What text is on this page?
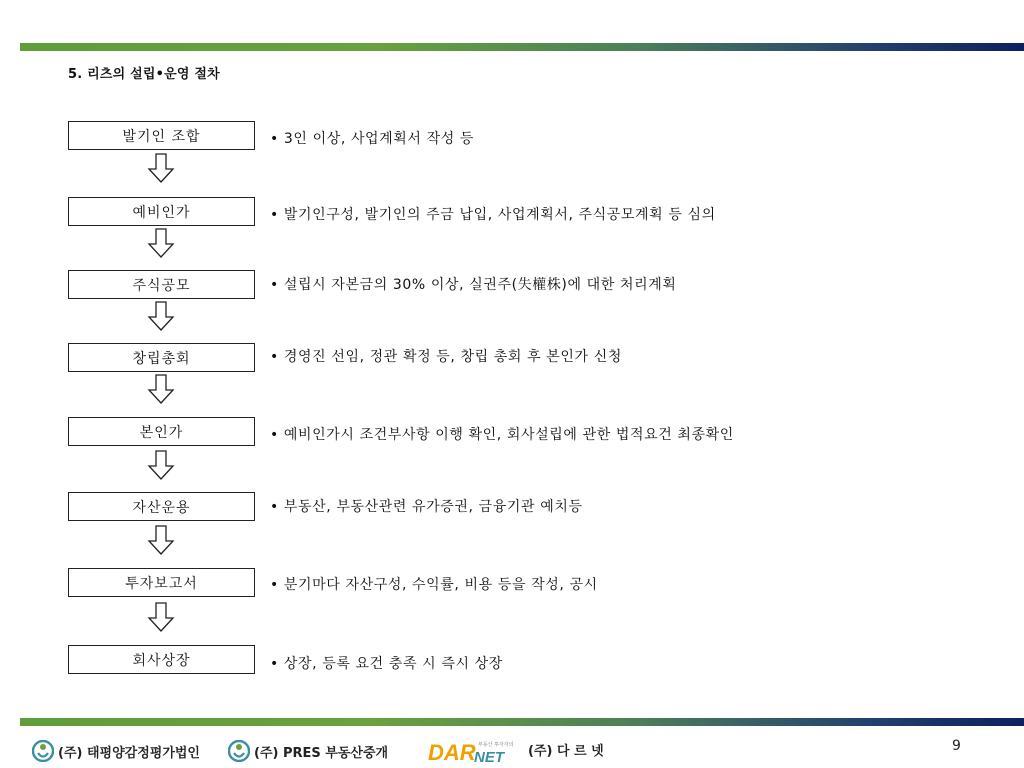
5. 리츠의 설립•운영 절차
발기인 조합	• 3인 이상, 사업계획서 작성 등
예비인가	• 발기인구성, 발기인의 주금 납입, 사업계획서, 주식공모계획 등 심의
주식공모	• 설립시 자본금의 30% 이상, 실권주(失權株)에 대한 처리계획
창립총회	• 경영진 선임, 정관 확정 등, 창립 총회 후 본인가 신청
본인가	• 예비인가시 조건부사항 이행 확인, 회사설립에 관한 법적요건 최종확인
자산운용	• 부동산, 부동산관련 유가증권, 금융기관 예치등
투자보고서	• 분기마다 자산구성, 수익률, 비용 등을 작성, 공시
회사상장	• 상장, 등록 요건 충족 시 즉시 상장
(주) 태평양감정평가법인	(주) PRES 부동산중개 DAR
NET
부동산 투자자의 (주) 다 르 넷	9
